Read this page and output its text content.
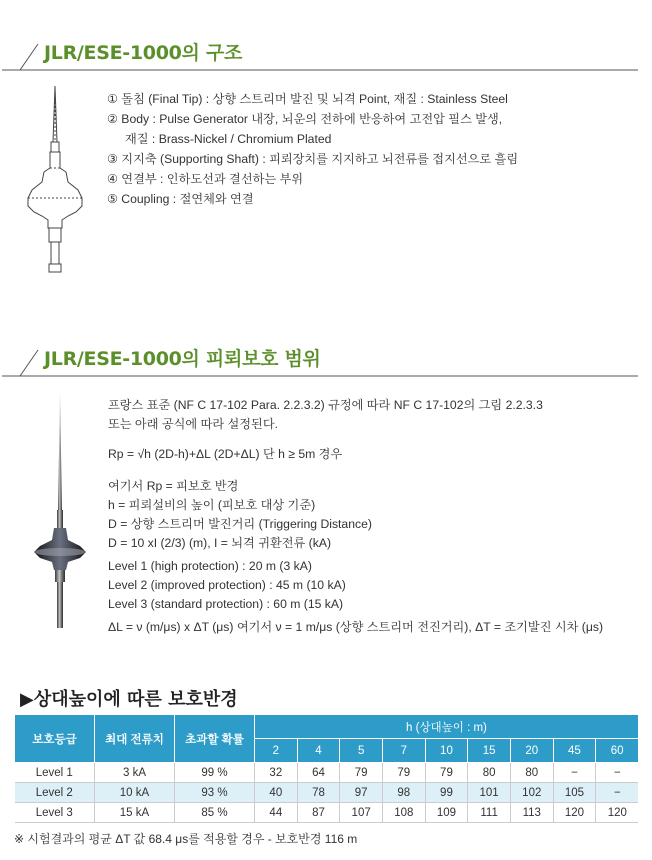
JLR/ESE-1000의 구조
① 돌침 (Final Tip) : 상향 스트리머 발진 및 뇌격 Point, 재질 : Stainless Steel
② Body : Pulse Generator 내장, 뇌운의 전하에 반응하여 고전압 필스 발생,
재질 : Brass-Nickel / Chromium Plated
③ 지지축 (Supporting Shaft) : 피뢰장치를 지지하고 뇌전류를 접지선으로 흘림
④ 연결부 : 인하도선과 결선하는 부위
⑤ Coupling : 절연체와 연결
JLR/ESE-1000의 피뢰보호 범위
프랑스 표준 (NF C 17-102 Para. 2.2.3.2) 규정에 따라 NF C 17-102의 그림 2.2.3.3
또는 아래 공식에 따라 설정된다.
Rp = √h (2D-h)+ΔL (2D+ΔL) 단 h ≥ 5m 경우
여기서 Rp = 피보호 반경
h = 피뢰설비의 높이 (피보호 대상 기준)
D = 상향 스트리머 발진거리 (Triggering Distance)
D = 10 xI (2/3) (m), I = 뇌격 귀환전류 (kA)
Level 1 (high protection) : 20 m (3 kA)
Level 2 (improved protection) : 45 m (10 kA)
Level 3 (standard protection) : 60 m (15 kA)
ΔL = ν (m/μs) x ΔT (μs) 여기서 ν = 1 m/μs (상향 스트리머 전진거리), ΔT = 조기발진 시차 (μs)
▶상대높이에 따른 보호반경
보호등급	최대 전류치	초과할 확률	h (상대높이 : m)								
			2	4	5	7	10	15	20	45	60
Level 1	3 kA	99 %	32	64	79	79	79	80	80	−	−
Level 2	10 kA	93 %	40	78	97	98	99	101	102	105	−
Level 3	15 kA	85 %	44	87	107	108	109	111	113	120	120
※ 시험결과의 평균 ΔT 값 68.4 μs를 적용할 경우 - 보호반경 116 m
